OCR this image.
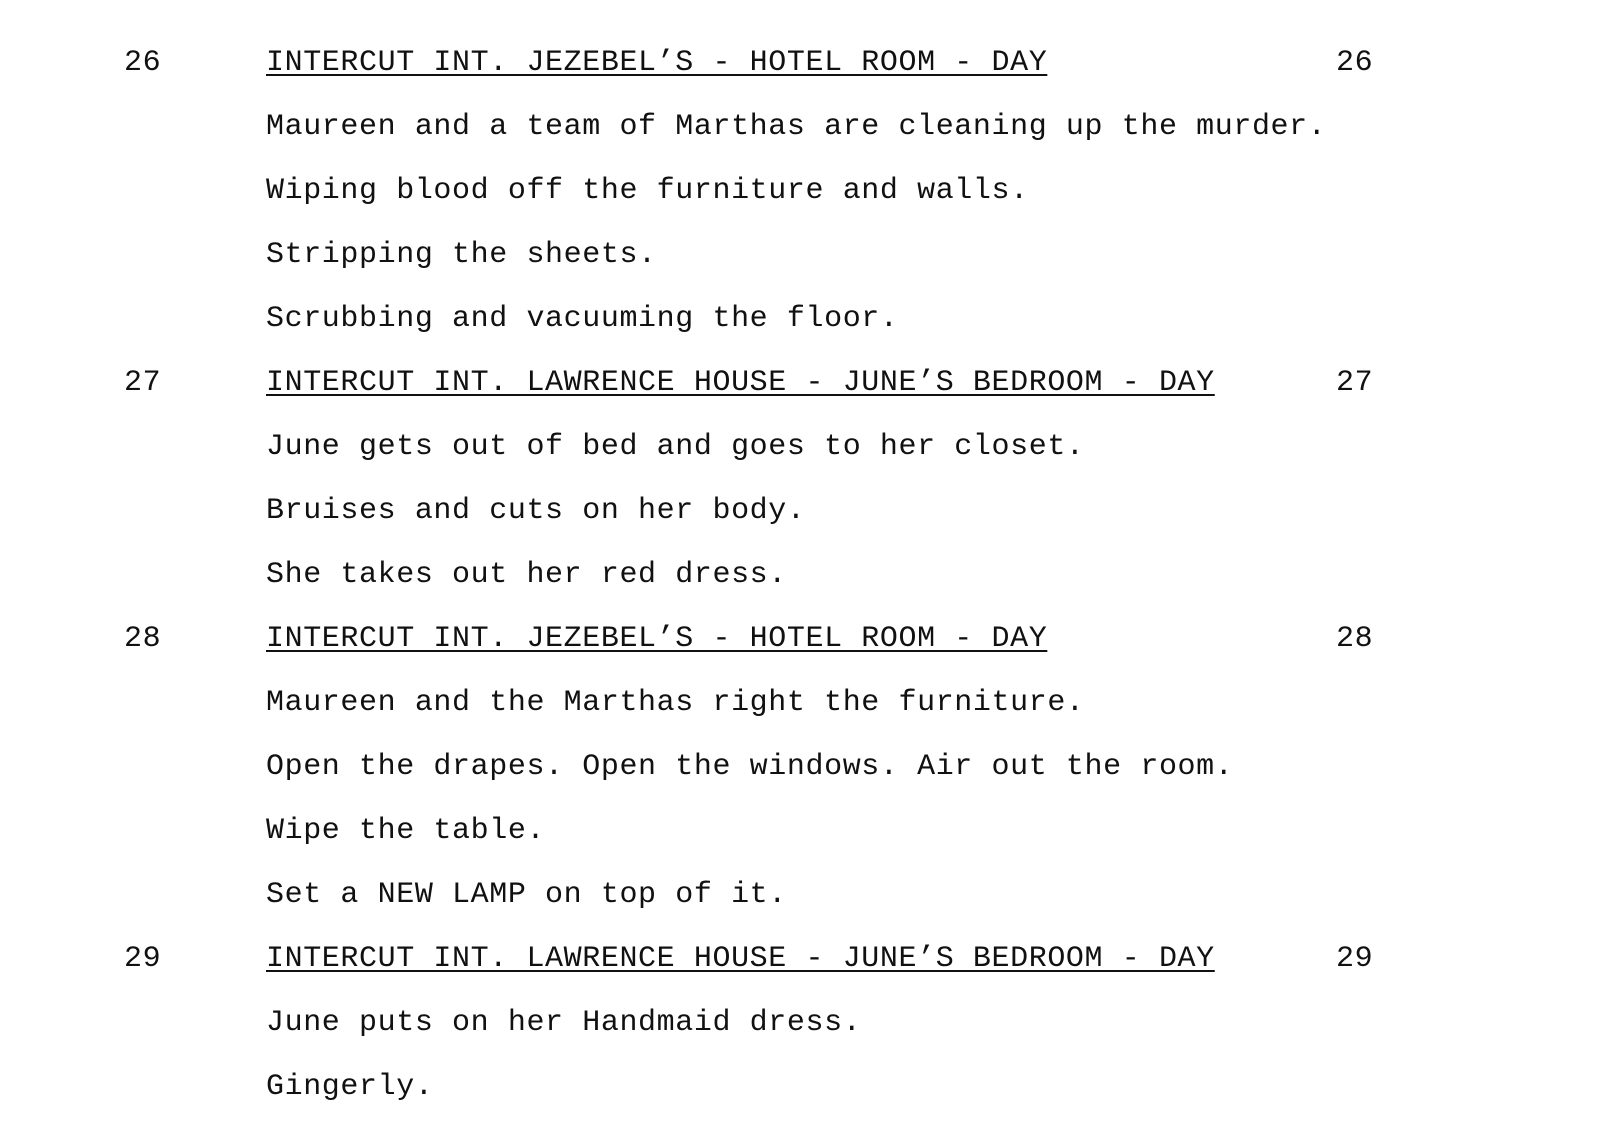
26	INTERCUT INT. JEZEBEL’S - HOTEL ROOM - DAY	26
Maureen and a team of Marthas are cleaning up the murder.
Wiping blood off the furniture and walls.
Stripping the sheets.
Scrubbing and vacuuming the floor.
27	INTERCUT INT. LAWRENCE HOUSE - JUNE’S BEDROOM - DAY	27
June gets out of bed and goes to her closet.
Bruises and cuts on her body.
She takes out her red dress.
28	INTERCUT INT. JEZEBEL’S - HOTEL ROOM - DAY	28
Maureen and the Marthas right the furniture.
Open the drapes. Open the windows. Air out the room.
Wipe the table.
Set a NEW LAMP on top of it.
29	INTERCUT INT. LAWRENCE HOUSE - JUNE’S BEDROOM - DAY	29
June puts on her Handmaid dress.
Gingerly.
